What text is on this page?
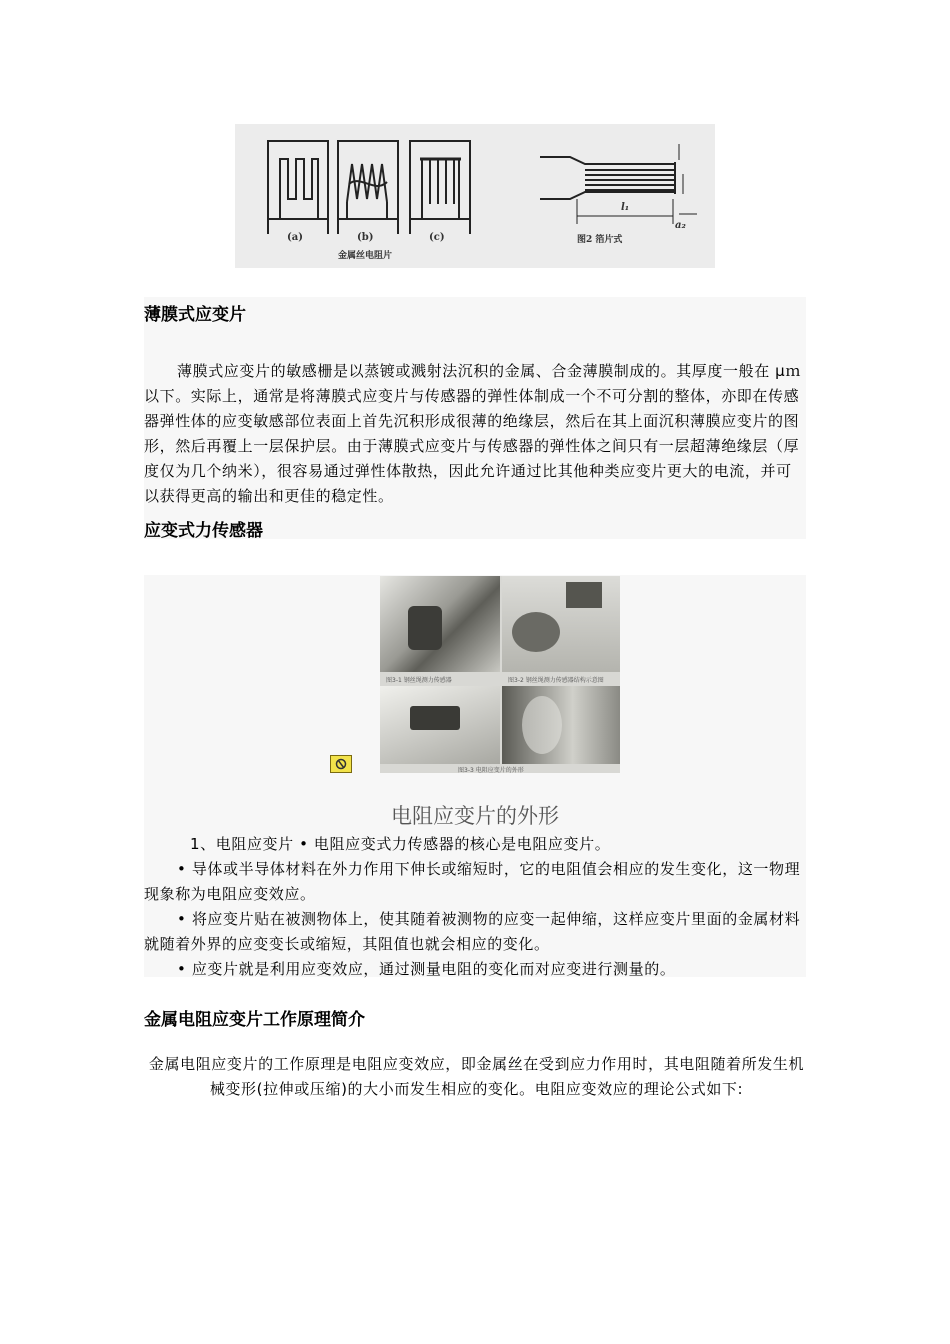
(a)	(b)	(c)
金属丝电阻片
图2 箔片式
l₁
a₂
薄膜式应变片
薄膜式应变片的敏感栅是以蒸镀或溅射法沉积的金属、合金薄膜制成的。其厚度一般在 μｍ以下。实际上，通常是将薄膜式应变片与传感器的弹性体制成一个不可分割的整体，亦即在传感器弹性体的应变敏感部位表面上首先沉积形成很薄的绝缘层，然后在其上面沉积薄膜应变片的图形，然后再覆上一层保护层。由于薄膜式应变片与传感器的弹性体之间只有一层超薄绝缘层（厚度仅为几个纳米），很容易通过弹性体散热，因此允许通过比其他种类应变片更大的电流，并可以获得更高的输出和更佳的稳定性。
应变式力传感器
图3-1 钢丝绳测力传感器	图3-2 钢丝绳测力传感器结构示意图
图3-3 电阻应变片的外形
电阻应变片的外形
1、电阻应变片 • 电阻应变式力传感器的核心是电阻应变片。
• 导体或半导体材料在外力作用下伸长或缩短时，它的电阻值会相应的发生变化，这一物理现象称为电阻应变效应。
• 将应变片贴在被测物体上，使其随着被测物的应变一起伸缩，这样应变片里面的金属材料就随着外界的应变变长或缩短，其阻值也就会相应的变化。
• 应变片就是利用应变效应，通过测量电阻的变化而对应变进行测量的。
金属电阻应变片工作原理简介
金属电阻应变片的工作原理是电阻应变效应，即金属丝在受到应力作用时，其电阻随着所发生机械变形(拉伸或压缩)的大小而发生相应的变化。电阻应变效应的理论公式如下:
